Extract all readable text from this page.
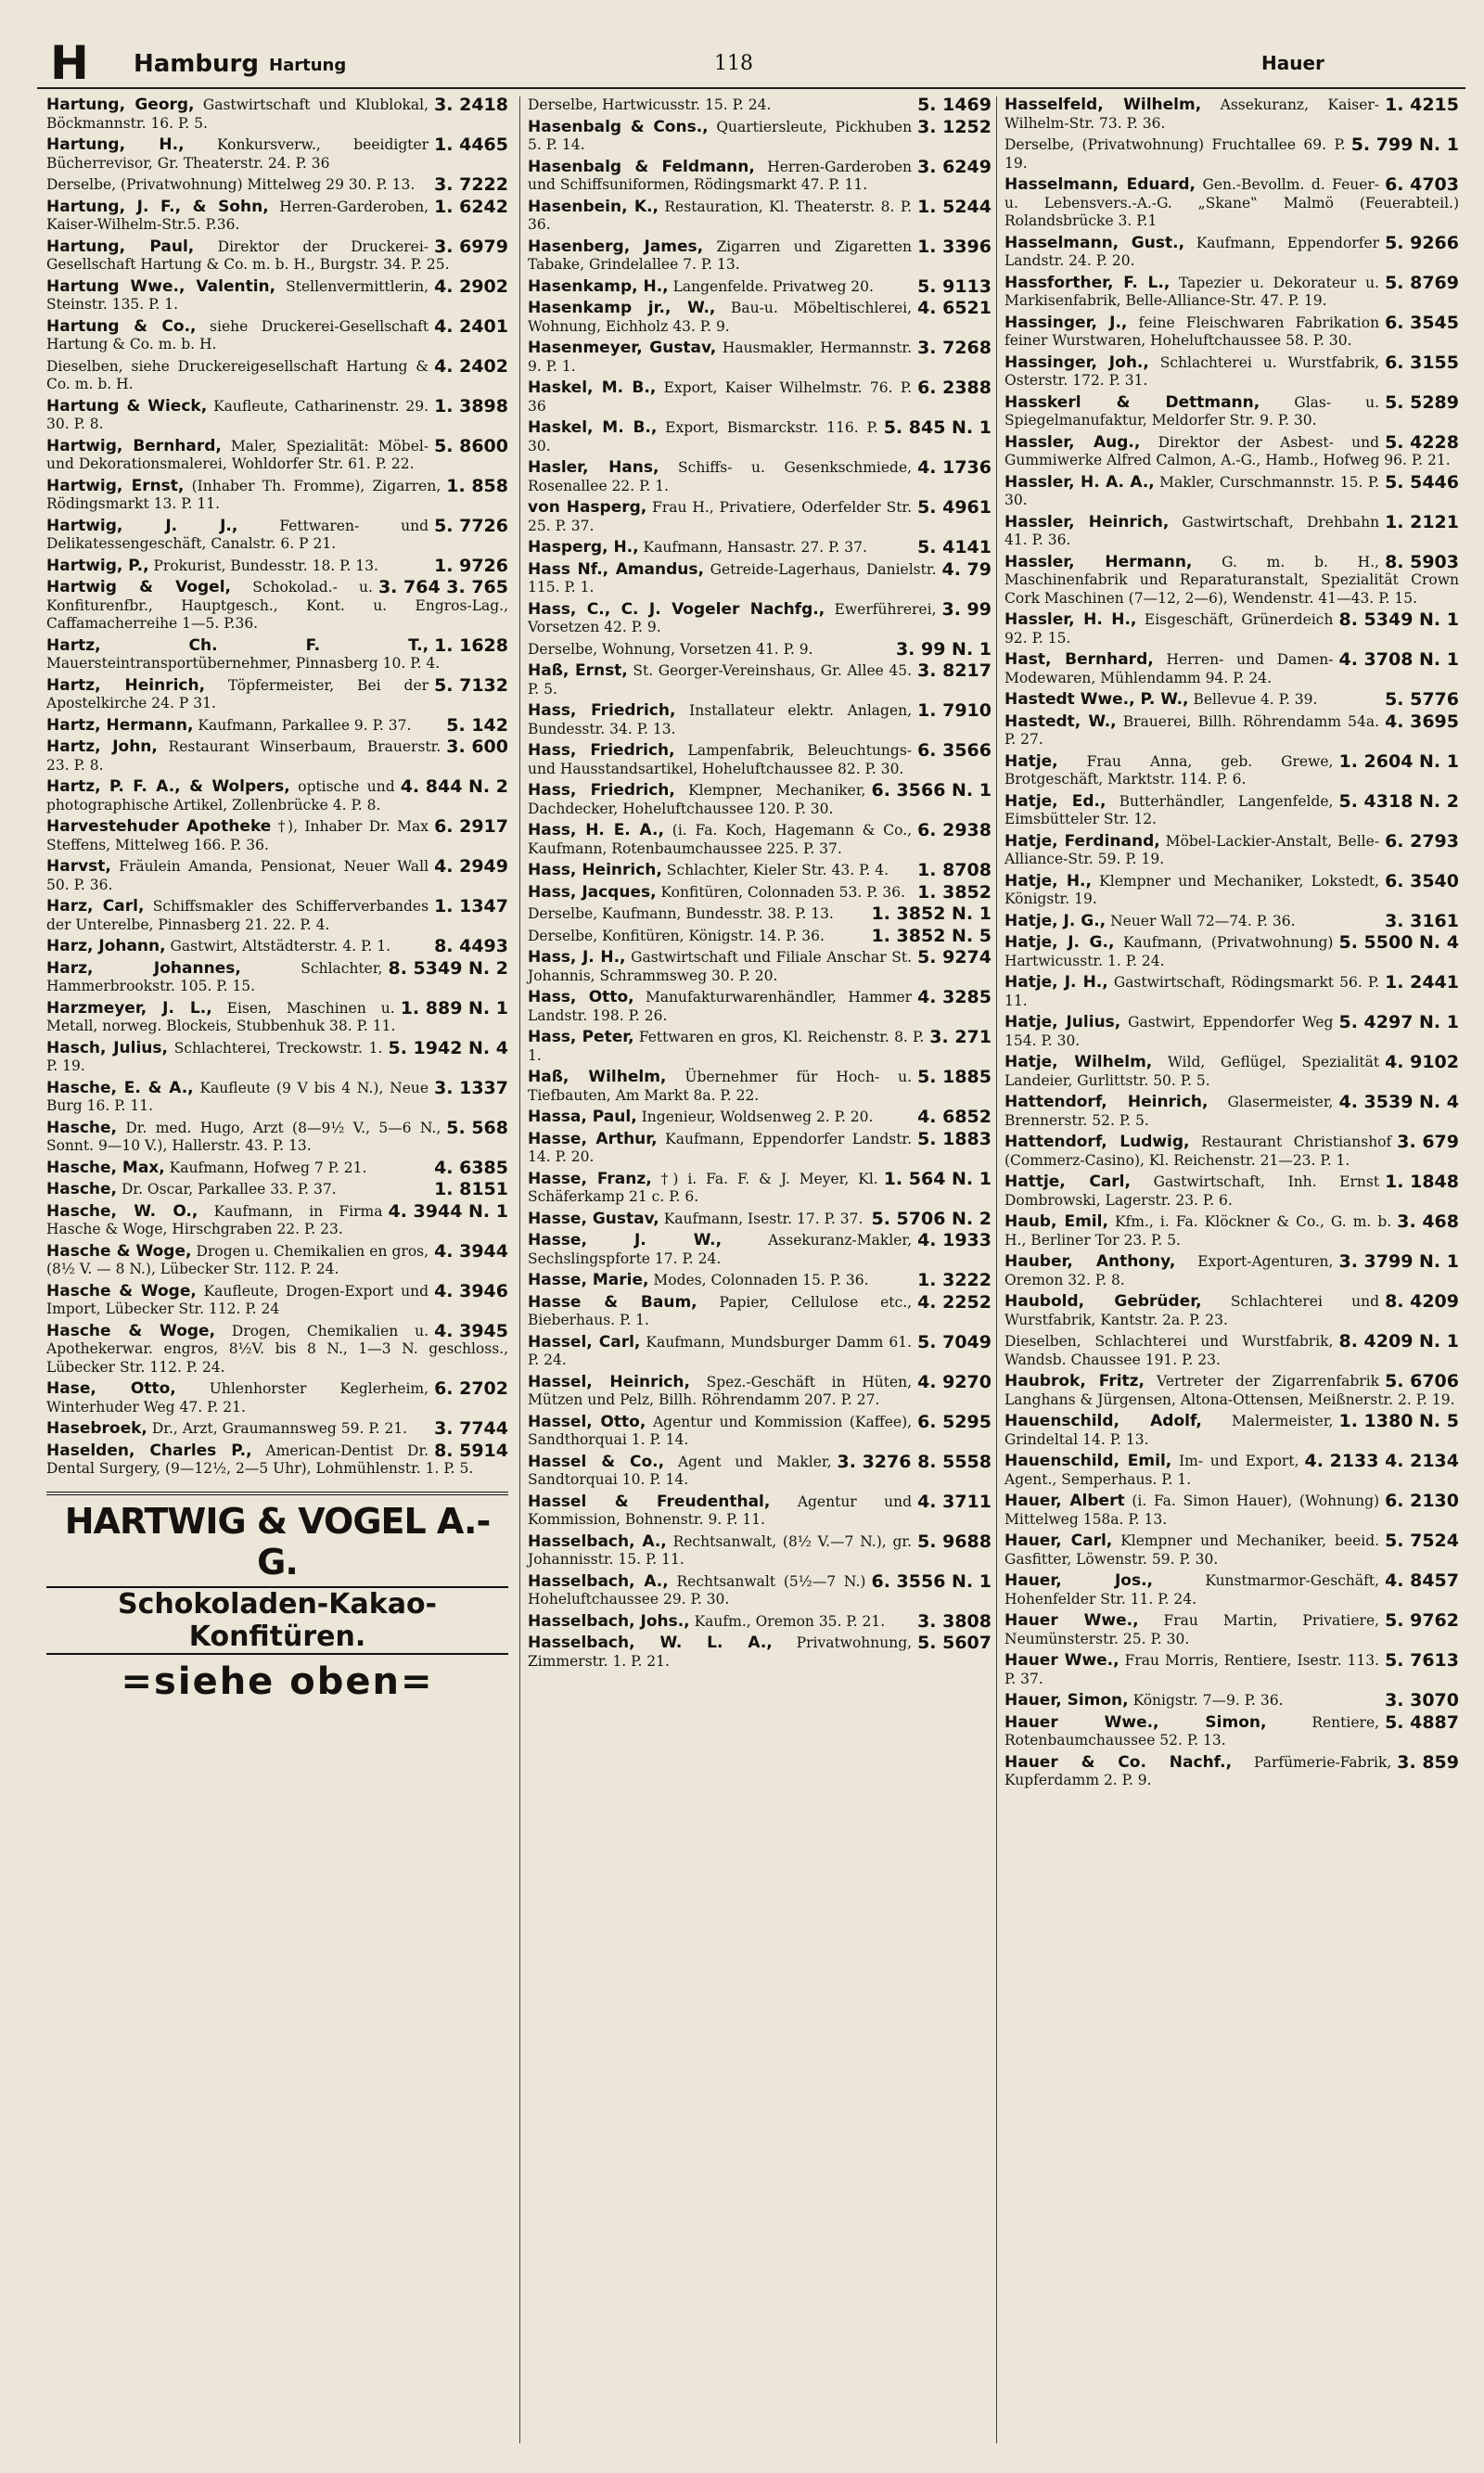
H Hamburg Hartung	118	Hauer
3. 2418
Hartung, Georg, Gastwirtschaft und Klublokal, Böckmannstr. 16. P. 5.
1. 4465
Hartung, H., Konkursverw., beeidigter Bücherrevisor, Gr. Theaterstr. 24. P. 36
3. 7222
Derselbe, (Privatwohnung) Mittelweg 29 30. P. 13.
1. 6242
Hartung, J. F., & Sohn, Herren-Garderoben, Kaiser-Wilhelm-Str.5. P.36.
3. 6979
Hartung, Paul, Direktor der Druckerei-Gesellschaft Hartung & Co. m. b. H., Burgstr. 34. P. 25.
4. 2902
Hartung Wwe., Valentin, Stellenvermittlerin, Steinstr. 135. P. 1.
4. 2401
Hartung & Co., siehe Druckerei-Gesellschaft Hartung & Co. m. b. H.
4. 2402
Dieselben, siehe Druckereigesellschaft Hartung & Co. m. b. H.
1. 3898
Hartung & Wieck, Kaufleute, Catharinenstr. 29. 30. P. 8.
5. 8600
Hartwig, Bernhard, Maler, Spezialität: Möbel- und Dekorationsmalerei, Wohldorfer Str. 61. P. 22.
1. 858
Hartwig, Ernst, (Inhaber Th. Fromme), Zigarren, Rödingsmarkt 13. P. 11.
5. 7726
Hartwig, J. J.,	Fettwaren- und Delikatessengeschäft, Canalstr. 6. P 21.
1. 9726
Hartwig, P., Prokurist, Bundesstr. 18. P. 13.
3. 764 3. 765
Hartwig & Vogel, Schokolad.- u. Konfiturenfbr., Hauptgesch., Kont. u. Engros-Lag., Caffamacherreihe 1—5. P.36.
1. 1628
Hartz, Ch. F. T., Mauersteintransportübernehmer, Pinnasberg 10. P. 4.
5. 7132
Hartz, Heinrich, Töpfermeister, Bei der Apostelkirche 24. P 31.
5. 142
Hartz, Hermann, Kaufmann, Parkallee 9. P. 37.
3. 600
Hartz, John, Restaurant Winserbaum, Brauerstr. 23. P. 8.
4. 844 N. 2
Hartz, P. F. A., & Wolpers, optische und photographische Artikel, Zollenbrücke 4. P. 8.
6. 2917
Harvestehuder Apotheke †), Inhaber Dr. Max Steffens, Mittelweg 166. P. 36.
4. 2949
Harvst, Fräulein Amanda, Pensionat, Neuer Wall 50. P. 36.
1. 1347
Harz, Carl, Schiffsmakler des Schifferverbandes der Unterelbe, Pinnasberg 21. 22. P. 4.
8. 4493
Harz, Johann, Gastwirt, Altstädterstr. 4. P. 1.
8. 5349 N. 2
Harz, Johannes,	Schlachter, Hammerbrookstr. 105. P. 15.
1. 889 N. 1
Harzmeyer, J. L., Eisen, Maschinen u. Metall, norweg. Blockeis, Stubbenhuk 38. P. 11.
5. 1942 N. 4
Hasch, Julius, Schlachterei, Treckowstr. 1. P. 19.
3. 1337
Hasche, E. & A., Kaufleute (9 V bis 4 N.), Neue Burg 16. P. 11.
5. 568
Hasche, Dr. med. Hugo, Arzt (8—9½ V., 5—6 N., Sonnt. 9—10 V.), Hallerstr. 43. P. 13.
4. 6385
Hasche, Max, Kaufmann, Hofweg 7 P. 21.
1. 8151
Hasche, Dr. Oscar, Parkallee 33. P. 37.
4. 3944 N. 1
Hasche, W. O., Kaufmann, in Firma Hasche & Woge, Hirschgraben 22. P. 23.
4. 3944
Hasche & Woge, Drogen u. Chemikalien en gros, (8½ V. — 8 N.), Lübecker Str. 112. P. 24.
4. 3946
Hasche & Woge, Kaufleute, Drogen-Export und Import, Lübecker Str. 112. P. 24
4. 3945
Hasche & Woge, Drogen, Chemikalien u. Apothekerwar. engros, 8½V. bis 8 N., 1—3 N. geschloss., Lübecker Str. 112. P. 24.
6. 2702
Hase, Otto, Uhlenhorster Keglerheim, Winterhuder Weg 47. P. 21.
3. 7744
Hasebroek, Dr., Arzt, Graumannsweg 59. P. 21.
8. 5914
Haselden, Charles P., American-Dentist Dr. Dental Surgery, (9—12½, 2—5 Uhr), Lohmühlenstr. 1. P. 5.
HARTWIG & VOGEL A.-G.
Schokoladen-Kakao-Konfitüren.
=siehe oben=
5. 1469
Derselbe, Hartwicusstr. 15. P. 24.
3. 1252
Hasenbalg & Cons., Quartiersleute, Pickhuben 5. P. 14.
3. 6249
Hasenbalg & Feldmann, Herren-Garderoben und Schiffsuniformen, Rödingsmarkt 47. P. 11.
1. 5244
Hasenbein, K., Restauration, Kl. Theaterstr. 8. P. 36.
1. 3396
Hasenberg, James, Zigarren und Zigaretten Tabake, Grindelallee 7. P. 13.
5. 9113
Hasenkamp, H., Langenfelde. Privatweg 20.
4. 6521
Hasenkamp jr., W., Bau-u. Möbeltischlerei, Wohnung, Eichholz 43. P. 9.
3. 7268
Hasenmeyer, Gustav, Hausmakler, Hermannstr. 9. P. 1.
6. 2388
Haskel, M. B., Export, Kaiser Wilhelmstr. 76. P. 36
5. 845 N. 1
Haskel, M. B., Export, Bismarckstr. 116. P. 30.
4. 1736
Hasler, Hans, Schiffs- u. Gesenkschmiede, Rosenallee 22. P. 1.
5. 4961
von Hasperg, Frau H., Privatiere, Oderfelder Str. 25. P. 37.
5. 4141
Hasperg, H., Kaufmann, Hansastr. 27. P. 37.
4. 79
Hass Nf., Amandus, Getreide-Lagerhaus, Danielstr. 115. P. 1.
3. 99
Hass, C., C. J. Vogeler Nachfg., Ewerführerei, Vorsetzen 42. P. 9.
3. 99 N. 1
Derselbe, Wohnung, Vorsetzen 41. P. 9.
3. 8217
Haß, Ernst, St. Georger-Vereinshaus, Gr. Allee 45. P. 5.
1. 7910
Hass, Friedrich, Installateur elektr. Anlagen, Bundesstr. 34. P. 13.
6. 3566
Hass, Friedrich, Lampenfabrik, Beleuchtungs- und Hausstandsartikel, Hoheluftchaussee 82. P. 30.
6. 3566 N. 1
Hass, Friedrich, Klempner, Mechaniker, Dachdecker, Hoheluftchaussee 120. P. 30.
6. 2938
Hass, H. E. A., (i. Fa. Koch, Hagemann & Co., Kaufmann, Rotenbaumchaussee 225. P. 37.
1. 8708
Hass, Heinrich, Schlachter, Kieler Str. 43. P. 4.
1. 3852
Hass, Jacques, Konfitüren, Colonnaden 53. P. 36.
1. 3852 N. 1
Derselbe, Kaufmann, Bundesstr. 38. P. 13.
1. 3852 N. 5
Derselbe, Konfitüren, Königstr. 14. P. 36.
5. 9274
Hass, J. H., Gastwirtschaft und Filiale Anschar St. Johannis, Schrammsweg 30. P. 20.
4. 3285
Hass, Otto, Manufakturwarenhändler, Hammer Landstr. 198. P. 26.
3. 271
Hass, Peter, Fettwaren en gros, Kl. Reichenstr. 8. P. 1.
5. 1885
Haß, Wilhelm, Übernehmer für Hoch- u. Tiefbauten, Am Markt 8a. P. 22.
4. 6852
Hassa, Paul, Ingenieur, Woldsenweg 2. P. 20.
5. 1883
Hasse, Arthur, Kaufmann, Eppendorfer Landstr. 14. P. 20.
1. 564 N. 1
Hasse, Franz, †) i. Fa. F. & J. Meyer, Kl. Schäferkamp 21 c. P. 6.
5. 5706 N. 2
Hasse, Gustav, Kaufmann, Isestr. 17. P. 37.
4. 1933
Hasse, J. W.,	Assekuranz-Makler, Sechslingspforte 17. P. 24.
1. 3222
Hasse, Marie, Modes, Colonnaden 15. P. 36.
4. 2252
Hasse & Baum, Papier, Cellulose etc., Bieberhaus. P. 1.
5. 7049
Hassel, Carl, Kaufmann, Mundsburger Damm 61. P. 24.
4. 9270
Hassel, Heinrich, Spez.-Geschäft in Hüten, Mützen und Pelz, Billh. Röhrendamm 207. P. 27.
6. 5295
Hassel, Otto, Agentur und Kommission (Kaffee), Sandthorquai 1. P. 14.
3. 3276 8. 5558
Hassel & Co., Agent und Makler, Sandtorquai 10. P. 14.
4. 3711
Hassel & Freudenthal, Agentur und Kommission, Bohnenstr. 9. P. 11.
5. 9688
Hasselbach, A., Rechtsanwalt, (8½ V.—7 N.), gr. Johannisstr. 15. P. 11.
6. 3556 N. 1
Hasselbach, A., Rechtsanwalt (5½—7 N.) Hoheluftchaussee 29. P. 30.
3. 3808
Hasselbach, Johs., Kaufm., Oremon 35. P. 21.
5. 5607
Hasselbach, W. L. A., Privatwohnung, Zimmerstr. 1. P. 21.
1. 4215
Hasselfeld, Wilhelm, Assekuranz, Kaiser-Wilhelm-Str. 73. P. 36.
5. 799 N. 1
Derselbe, (Privatwohnung) Fruchtallee 69. P. 19.
6. 4703
Hasselmann, Eduard, Gen.-Bevollm. d. Feuer- u. Lebensvers.-A.-G. „Skane‟ Malmö (Feuerabteil.) Rolandsbrücke 3. P.1
5. 9266
Hasselmann, Gust., Kaufmann, Eppendorfer Landstr. 24. P. 20.
5. 8769
Hassforther, F. L., Tapezier u. Dekorateur u. Markisenfabrik, Belle-Alliance-Str. 47. P. 19.
6. 3545
Hassinger, J., feine Fleischwaren Fabrikation feiner Wurstwaren, Hoheluftchaussee 58. P. 30.
6. 3155
Hassinger, Joh., Schlachterei u. Wurstfabrik, Osterstr. 172. P. 31.
5. 5289
Hasskerl & Dettmann, Glas- u. Spiegelmanufaktur, Meldorfer Str. 9. P. 30.
5. 4228
Hassler, Aug., Direktor der Asbest- und Gummiwerke Alfred Calmon, A.-G., Hamb., Hofweg 96. P. 21.
5. 5446
Hassler, H. A. A., Makler, Curschmannstr. 15. P. 30.
1. 2121
Hassler, Heinrich, Gastwirtschaft, Drehbahn 41. P. 36.
8. 5903
Hassler, Hermann, G. m. b. H., Maschinenfabrik und Reparaturanstalt, Spezialität Crown Cork Maschinen (7—12, 2—6), Wendenstr. 41—43. P. 15.
8. 5349 N. 1
Hassler, H. H., Eisgeschäft, Grünerdeich 92. P. 15.
4. 3708 N. 1
Hast, Bernhard, Herren- und Damen-Modewaren, Mühlendamm 94. P. 24.
5. 5776
Hastedt Wwe., P. W., Bellevue 4. P. 39.
4. 3695
Hastedt, W., Brauerei, Billh. Röhrendamm 54a. P. 27.
1. 2604 N. 1
Hatje, Frau Anna, geb. Grewe, Brotgeschäft, Marktstr. 114. P. 6.
5. 4318 N. 2
Hatje, Ed., Butterhändler, Langenfelde, Eimsbütteler Str. 12.
6. 2793
Hatje, Ferdinand, Möbel-Lackier-Anstalt, Belle-Alliance-Str. 59. P. 19.
6. 3540
Hatje, H., Klempner und Mechaniker, Lokstedt, Königstr. 19.
3. 3161
Hatje, J. G., Neuer Wall 72—74. P. 36.
5. 5500 N. 4
Hatje, J. G., Kaufmann, (Privatwohnung) Hartwicusstr. 1. P. 24.
1. 2441
Hatje, J. H., Gastwirtschaft, Rödingsmarkt 56. P. 11.
5. 4297 N. 1
Hatje, Julius, Gastwirt, Eppendorfer Weg 154. P. 30.
4. 9102
Hatje, Wilhelm, Wild, Geflügel, Spezialität Landeier, Gurlittstr. 50. P. 5.
4. 3539 N. 4
Hattendorf, Heinrich, Glasermeister, Brennerstr. 52. P. 5.
3. 679
Hattendorf, Ludwig, Restaurant Christianshof (Commerz-Casino), Kl. Reichenstr. 21—23. P. 1.
1. 1848
Hattje, Carl, Gastwirtschaft, Inh. Ernst Dombrowski, Lagerstr. 23. P. 6.
3. 468
Haub, Emil, Kfm., i. Fa. Klöckner & Co., G. m. b. H., Berliner Tor 23. P. 5.
3. 3799 N. 1
Hauber, Anthony, Export-Agenturen, Oremon 32. P. 8.
8. 4209
Haubold, Gebrüder, Schlachterei und Wurstfabrik, Kantstr. 2a. P. 23.
8. 4209 N. 1
Dieselben, Schlachterei und Wurstfabrik, Wandsb. Chaussee 191. P. 23.
5. 6706
Haubrok, Fritz, Vertreter der Zigarrenfabrik Langhans & Jürgensen, Altona-Ottensen, Meißnerstr. 2. P. 19.
1. 1380 N. 5
Hauenschild, Adolf, Malermeister, Grindeltal 14. P. 13.
4. 2133 4. 2134
Hauenschild, Emil, Im- und Export, Agent., Semperhaus. P. 1.
6. 2130
Hauer, Albert (i. Fa. Simon Hauer), (Wohnung) Mittelweg 158a. P. 13.
5. 7524
Hauer, Carl, Klempner und Mechaniker, beeid. Gasfitter, Löwenstr. 59. P. 30.
4. 8457
Hauer, Jos.,	Kunstmarmor-Geschäft, Hohenfelder Str. 11. P. 24.
5. 9762
Hauer Wwe., Frau Martin, Privatiere, Neumünsterstr. 25. P. 30.
5. 7613
Hauer Wwe., Frau Morris, Rentiere, Isestr. 113. P. 37.
3. 3070
Hauer, Simon, Königstr. 7—9. P. 36.
5. 4887
Hauer Wwe., Simon,	Rentiere, Rotenbaumchaussee 52. P. 13.
3. 859
Hauer & Co. Nachf., Parfümerie-Fabrik, Kupferdamm 2. P. 9.
